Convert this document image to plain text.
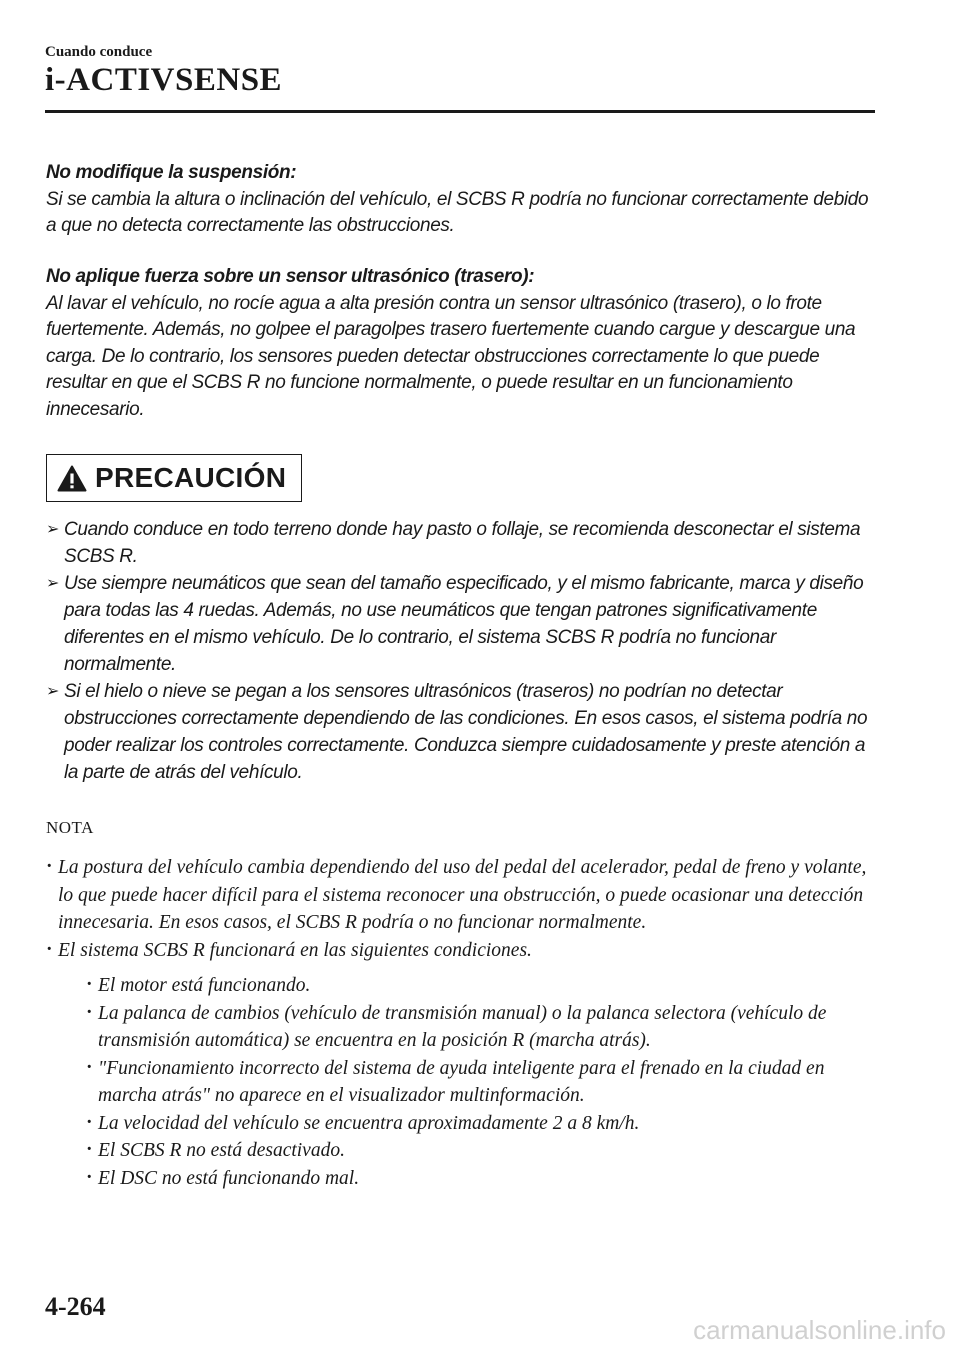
Cuando conduce
i-ACTIVSENSE
No modifique la suspensión:

Si se cambia la altura o inclinación del vehículo, el SCBS R podría no funcionar correctamente debido a que no detecta correctamente las obstrucciones.

No aplique fuerza sobre un sensor ultrasónico (trasero):

Al lavar el vehículo, no rocíe agua a alta presión contra un sensor ultrasónico (trasero), o lo frote fuertemente. Además, no golpee el paragolpes trasero fuertemente cuando cargue y descargue una carga. De lo contrario, los sensores pueden detectar obstrucciones correctamente lo que puede resultar en que el SCBS R no funcione normalmente, o puede resultar en un funcionamiento innecesario.

PRECAUCIÓN
➢ Cuando conduce en todo terreno donde hay pasto o follaje, se recomienda desconectar el sistema SCBS R.
➢ Use siempre neumáticos que sean del tamaño especificado, y el mismo fabricante, marca y diseño para todas las 4 ruedas. Además, no use neumáticos que tengan patrones significativamente diferentes en el mismo vehículo. De lo contrario, el sistema SCBS R podría no funcionar normalmente.
➢ Si el hielo o nieve se pegan a los sensores ultrasónicos (traseros) no podrían no detectar obstrucciones correctamente dependiendo de las condiciones. En esos casos, el sistema podría no poder realizar los controles correctamente. Conduzca siempre cuidadosamente y preste atención a la parte de atrás del vehículo.
NOTA
· La postura del vehículo cambia dependiendo del uso del pedal del acelerador, pedal de freno y volante, lo que puede hacer difícil para el sistema reconocer una obstrucción, o puede ocasionar una detección innecesaria. En esos casos, el SCBS R podría o no funcionar normalmente.
· El sistema SCBS R funcionará en las siguientes condiciones.
· El motor está funcionando.
· La palanca de cambios (vehículo de transmisión manual) o la palanca selectora (vehículo de transmisión automática) se encuentra en la posición R (marcha atrás).
· "Funcionamiento incorrecto del sistema de ayuda inteligente para el frenado en la ciudad en marcha atrás" no aparece en el visualizador multinformación.
· La velocidad del vehículo se encuentra aproximadamente 2 a 8 km/h.
· El SCBS R no está desactivado.
· El DSC no está funcionando mal.
4-264
carmanualsonline.info
